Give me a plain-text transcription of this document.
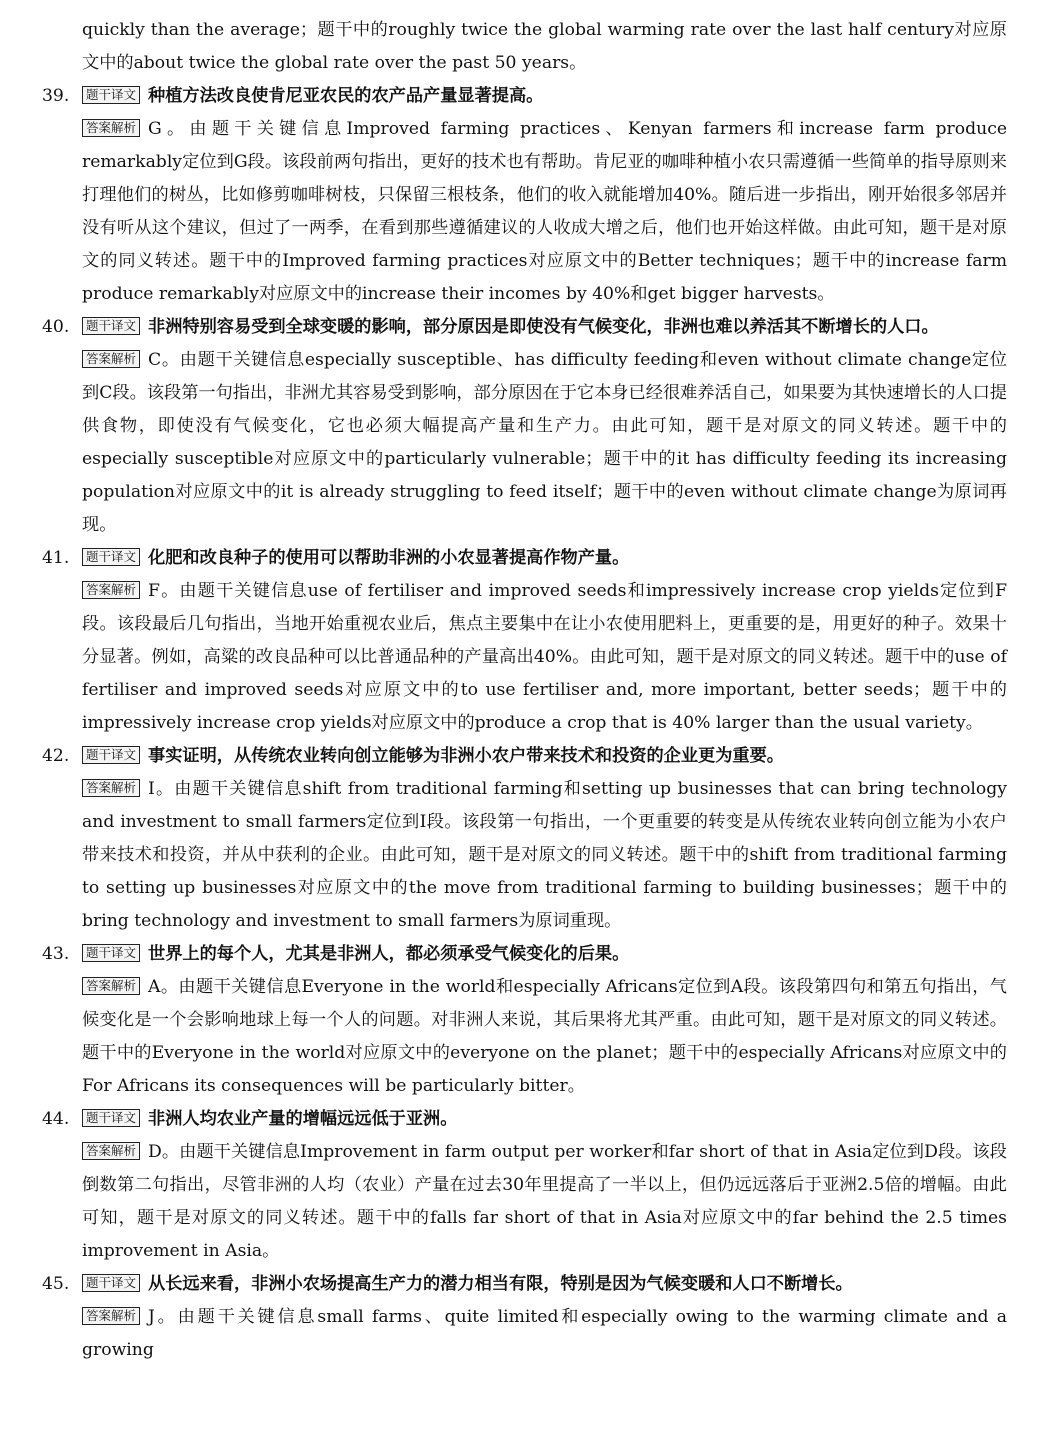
quickly than the average；题干中的roughly twice the global warming rate over the last half century对应原文中的about twice the global rate over the past 50 years。
39.	题干译文 种植方法改良使肯尼亚农民的农产品产量显著提高。
答案解析 G。由题干关键信息Improved farming practices、Kenyan farmers和increase farm produce remarkably定位到G段。该段前两句指出，更好的技术也有帮助。肯尼亚的咖啡种植小农只需遵循一些简单的指导原则来打理他们的树丛，比如修剪咖啡树枝，只保留三根枝条，他们的收入就能增加40%。随后进一步指出，刚开始很多邻居并没有听从这个建议，但过了一两季，在看到那些遵循建议的人收成大增之后，他们也开始这样做。由此可知，题干是对原文的同义转述。题干中的Improved farming practices对应原文中的Better techniques；题干中的increase farm produce remarkably对应原文中的increase their incomes by 40%和get bigger harvests。
40.	题干译文 非洲特别容易受到全球变暖的影响，部分原因是即使没有气候变化，非洲也难以养活其不断增长的人口。
答案解析 C。由题干关键信息especially susceptible、has difficulty feeding和even without climate change定位到C段。该段第一句指出，非洲尤其容易受到影响，部分原因在于它本身已经很难养活自己，如果要为其快速增长的人口提供食物，即使没有气候变化，它也必须大幅提高产量和生产力。由此可知，题干是对原文的同义转述。题干中的especially susceptible对应原文中的particularly vulnerable；题干中的it has difficulty feeding its increasing population对应原文中的it is already struggling to feed itself；题干中的even without climate change为原词再现。
41.	题干译文 化肥和改良种子的使用可以帮助非洲的小农显著提高作物产量。
答案解析 F。由题干关键信息use of fertiliser and improved seeds和impressively increase crop yields定位到F段。该段最后几句指出，当地开始重视农业后，焦点主要集中在让小农使用肥料上，更重要的是，用更好的种子。效果十分显著。例如，高粱的改良品种可以比普通品种的产量高出40%。由此可知，题干是对原文的同义转述。题干中的use of fertiliser and improved seeds对应原文中的to use fertiliser and, more important, better seeds；题干中的impressively increase crop yields对应原文中的produce a crop that is 40% larger than the usual variety。
42.	题干译文 事实证明，从传统农业转向创立能够为非洲小农户带来技术和投资的企业更为重要。
答案解析 I。由题干关键信息shift from traditional farming和setting up businesses that can bring technology and investment to small farmers定位到I段。该段第一句指出，一个更重要的转变是从传统农业转向创立能为小农户带来技术和投资，并从中获利的企业。由此可知，题干是对原文的同义转述。题干中的shift from traditional farming to setting up businesses对应原文中的the move from traditional farming to building businesses；题干中的bring technology and investment to small farmers为原词重现。
43.	题干译文 世界上的每个人，尤其是非洲人，都必须承受气候变化的后果。
答案解析 A。由题干关键信息Everyone in the world和especially Africans定位到A段。该段第四句和第五句指出，气候变化是一个会影响地球上每一个人的问题。对非洲人来说，其后果将尤其严重。由此可知，题干是对原文的同义转述。题干中的Everyone in the world对应原文中的everyone on the planet；题干中的especially Africans对应原文中的For Africans its consequences will be particularly bitter。
44.	题干译文 非洲人均农业产量的增幅远远低于亚洲。
答案解析 D。由题干关键信息Improvement in farm output per worker和far short of that in Asia定位到D段。该段倒数第二句指出，尽管非洲的人均（农业）产量在过去30年里提高了一半以上，但仍远远落后于亚洲2.5倍的增幅。由此可知，题干是对原文的同义转述。题干中的falls far short of that in Asia对应原文中的far behind the 2.5 times improvement in Asia。
45.	题干译文 从长远来看，非洲小农场提高生产力的潜力相当有限，特别是因为气候变暖和人口不断增长。
答案解析 J。由题干关键信息small farms、quite limited和especially owing to the warming climate and a growing
